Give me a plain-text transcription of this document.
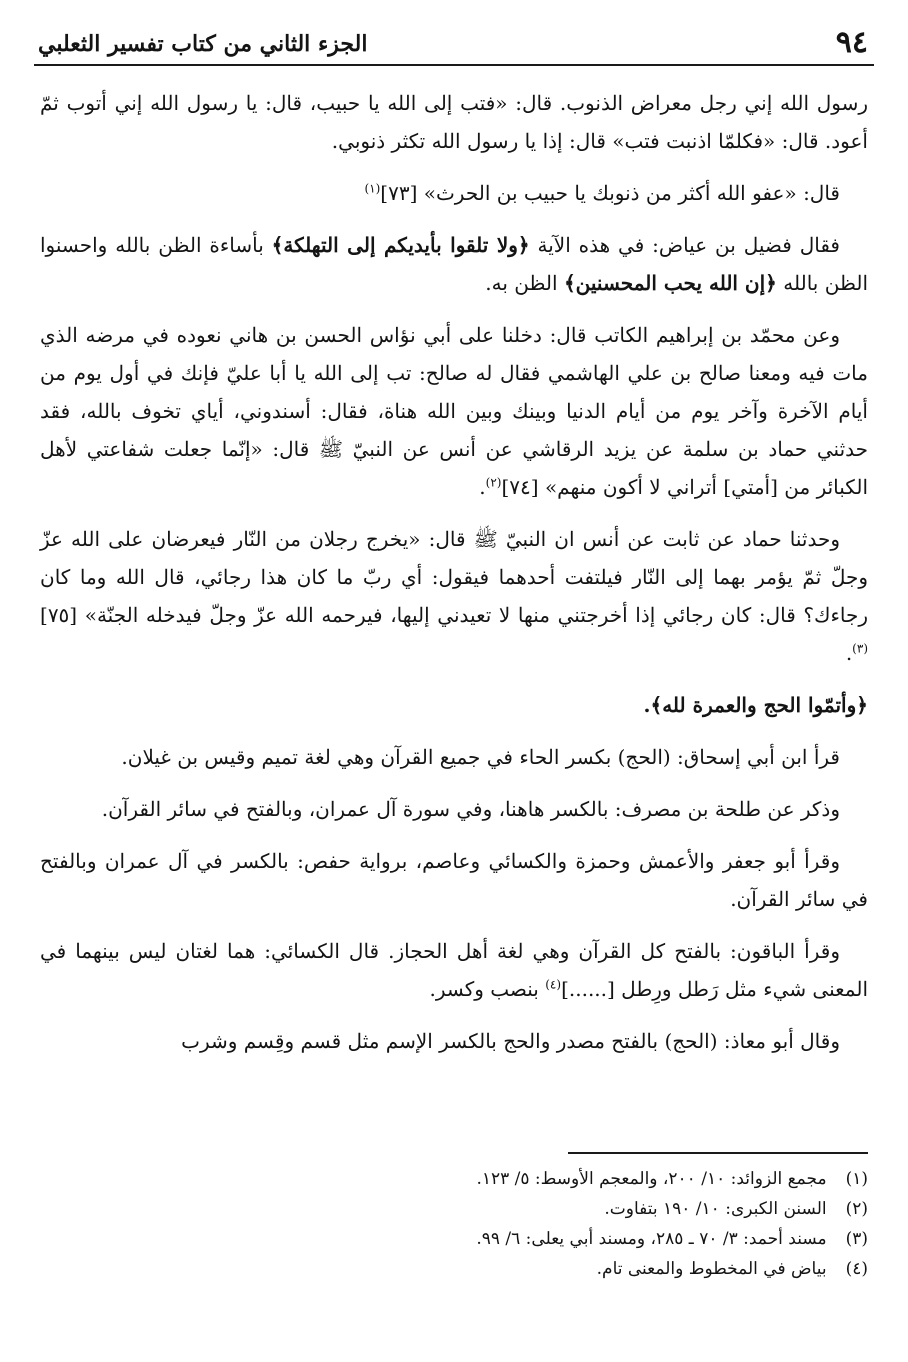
٩٤
الجزء الثاني من كتاب تفسير الثعلبي

رسول الله إني رجل معراض الذنوب. قال: «فتب إلى الله يا حبيب، قال: يا رسول الله إني أتوب ثمّ أعود. قال: «فكلمّا اذنبت فتب» قال: إذا يا رسول الله تكثر ذنوبي.

قال: «عفو الله أكثر من ذنوبك يا حبيب بن الحرث» [٧٣]$^{(١)}$

فقال فضيل بن عياض: في هذه الآية ﴿ولا تلقوا بأيديكم إلى التهلكة﴾ بأساءة الظن بالله واحسنوا الظن بالله ﴿إن الله يحب المحسنين﴾ الظن به.

وعن محمّد بن إبراهيم الكاتب قال: دخلنا على أبي نؤاس الحسن بن هاني نعوده في مرضه الذي مات فيه ومعنا صالح بن علي الهاشمي فقال له صالح: تب إلى الله يا أبا عليّ فإنك في أول يوم من أيام الآخرة وآخر يوم من أيام الدنيا وبينك وبين الله هناة، فقال: أسندوني، أياي تخوف بالله، فقد حدثني حماد بن سلمة عن يزيد الرقاشي عن أنس عن النبيّ ﷺ قال: «إنّما جعلت شفاعتي لأهل الكبائر من [أمتي] أتراني لا أكون منهم» [٧٤]$^{(٢)}$.

وحدثنا حماد عن ثابت عن أنس ان النبيّ ﷺ قال: «يخرج رجلان من النّار فيعرضان على الله عزّ وجلّ ثمّ يؤمر بهما إلى النّار فيلتفت أحدهما فيقول: أي ربّ ما كان هذا رجائي، قال الله وما كان رجاءك؟ قال: كان رجائي إذا أخرجتني منها لا تعيدني إليها، فيرحمه الله عزّ وجلّ فيدخله الجنّة» [٧٥]$^{(٣)}$.

﴿وأتمّوا الحج والعمرة لله﴾.

قرأ ابن أبي إسحاق: (الحج) بكسر الحاء في جميع القرآن وهي لغة تميم وقيس بن غيلان.

وذكر عن طلحة بن مصرف: بالكسر هاهنا، وفي سورة آل عمران، وبالفتح في سائر القرآن.

وقرأ أبو جعفر والأعمش وحمزة والكسائي وعاصم، برواية حفص: بالكسر في آل عمران وبالفتح في سائر القرآن.

وقرأ الباقون: بالفتح كل القرآن وهي لغة أهل الحجاز. قال الكسائي: هما لغتان ليس بينهما في المعنى شيء مثل رَطل ورِطل [......]$^{(٤)}$ بنصب وكسر.

وقال أبو معاذ: (الحج) بالفتح مصدر والحج بالكسر الإسم مثل قسم وقِسم وشرب

(١) مجمع الزوائد: ١٠/ ٢٠٠، والمعجم الأوسط: ٥/ ١٢٣.

(٢) السنن الكبرى: ١٠/ ١٩٠ بتفاوت.

(٣) مسند أحمد: ٣/ ٧٠ ـ ٢٨٥، ومسند أبي يعلى: ٦/ ٩٩.

(٤) بياض في المخطوط والمعنى تام.
